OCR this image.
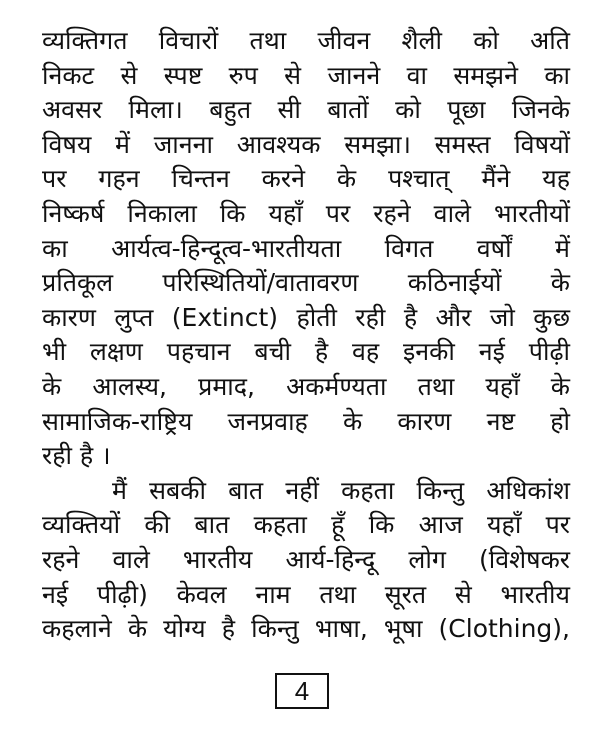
व्यक्तिगत विचारों तथा जीवन शैली को अति
निकट से स्पष्ट रुप से जानने वा समझने का
अवसर मिला। बहुत सी बातों को पूछा जिनके
विषय में जानना आवश्यक समझा। समस्त विषयों
पर गहन चिन्तन करने के पश्चात् मैंने यह
निष्कर्ष निकाला कि यहाँ पर रहने वाले भारतीयों
का आर्यत्व-हिन्दूत्व-भारतीयता विगत वर्षों में
प्रतिकूल परिस्थितियों/वातावरण कठिनाईयों के
कारण लुप्त (Extinct) होती रही है और जो कुछ
भी लक्षण पहचान बची है वह इनकी नई पीढ़ी
के आलस्य, प्रमाद, अकर्मण्यता तथा यहाँ के
सामाजिक-राष्ट्रिय जनप्रवाह के कारण नष्ट हो
रही है ।
मैं सबकी बात नहीं कहता किन्तु अधिकांश
व्यक्तियों की बात कहता हूँ कि आज यहाँ पर
रहने वाले भारतीय आर्य-हिन्दू लोग (विशेषकर
नई पीढ़ी) केवल नाम तथा सूरत से भारतीय
कहलाने के योग्य है किन्तु भाषा, भूषा (Clothing),
4
